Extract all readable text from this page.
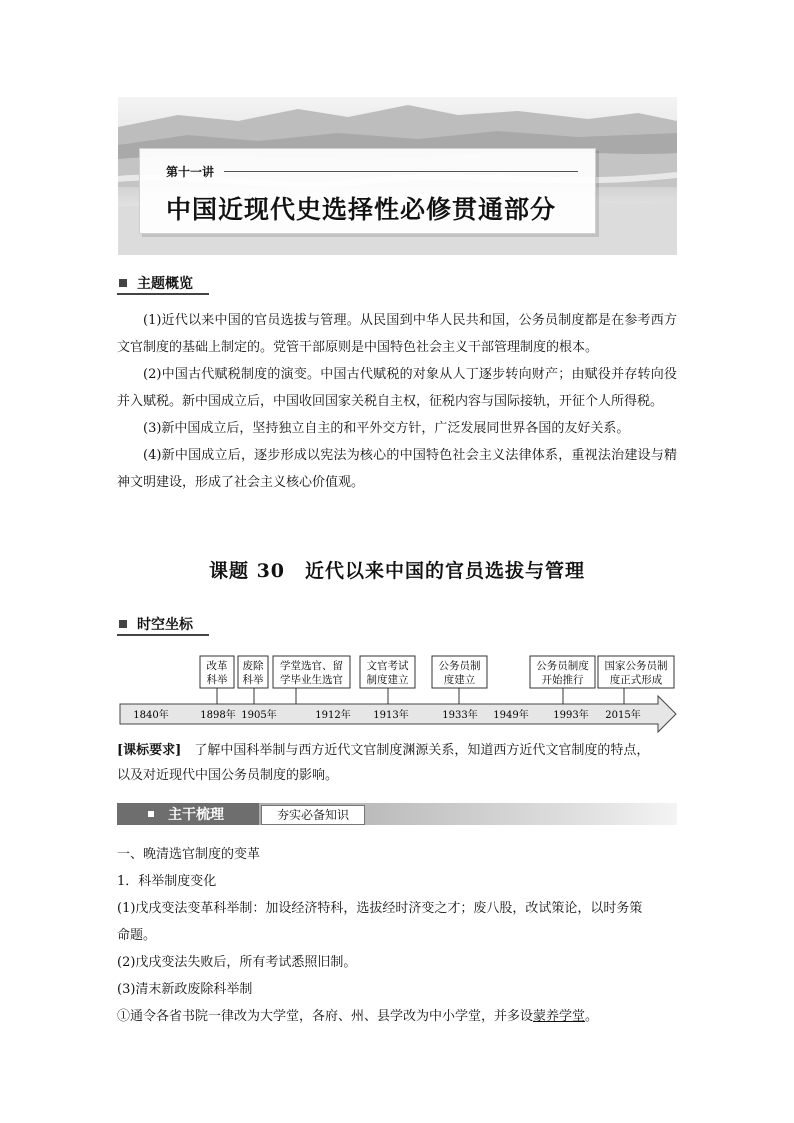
第十一讲
中国近现代史选择性必修贯通部分
主题概览

(1)近代以来中国的官员选拔与管理。从民国到中华人民共和国，公务员制度都是在参考西方文官制度的基础上制定的。党管干部原则是中国特色社会主义干部管理制度的根本。

(2)中国古代赋税制度的演变。中国古代赋税的对象从人丁逐步转向财产；由赋役并存转向役并入赋税。新中国成立后，中国收回国家关税自主权，征税内容与国际接轨，开征个人所得税。

(3)新中国成立后，坚持独立自主的和平外交方针，广泛发展同世界各国的友好关系。

(4)新中国成立后，逐步形成以宪法为核心的中国特色社会主义法律体系，重视法治建设与精神文明建设，形成了社会主义核心价值观。

课题 30　近代以来中国的官员选拔与管理
时空坐标
改革
科举
废除
科举
学堂选官、留
学毕业生选官
文官考试
制度建立
公务员制
度建立
公务员制度
开始推行
国家公务员制
度正式形成
1840年	1898年 1905年	1912年 1913年	1933年 1949年 1993年 2015年
[课标要求]　了解中国科举制与西方近代文官制度渊源关系，知道西方近代文官制度的特点，
以及对近现代中国公务员制度的影响。
主干梳理	夯实必备知识
一、晚清选官制度的变革
1．科举制度变化
(1)戊戌变法变革科举制：加设经济特科，选拔经时济变之才；废八股，改试策论，以时务策
命题。
(2)戊戌变法失败后，所有考试悉照旧制。
(3)清末新政废除科举制
①通令各省书院一律改为大学堂，各府、州、县学改为中小学堂，并多设蒙养学堂。
